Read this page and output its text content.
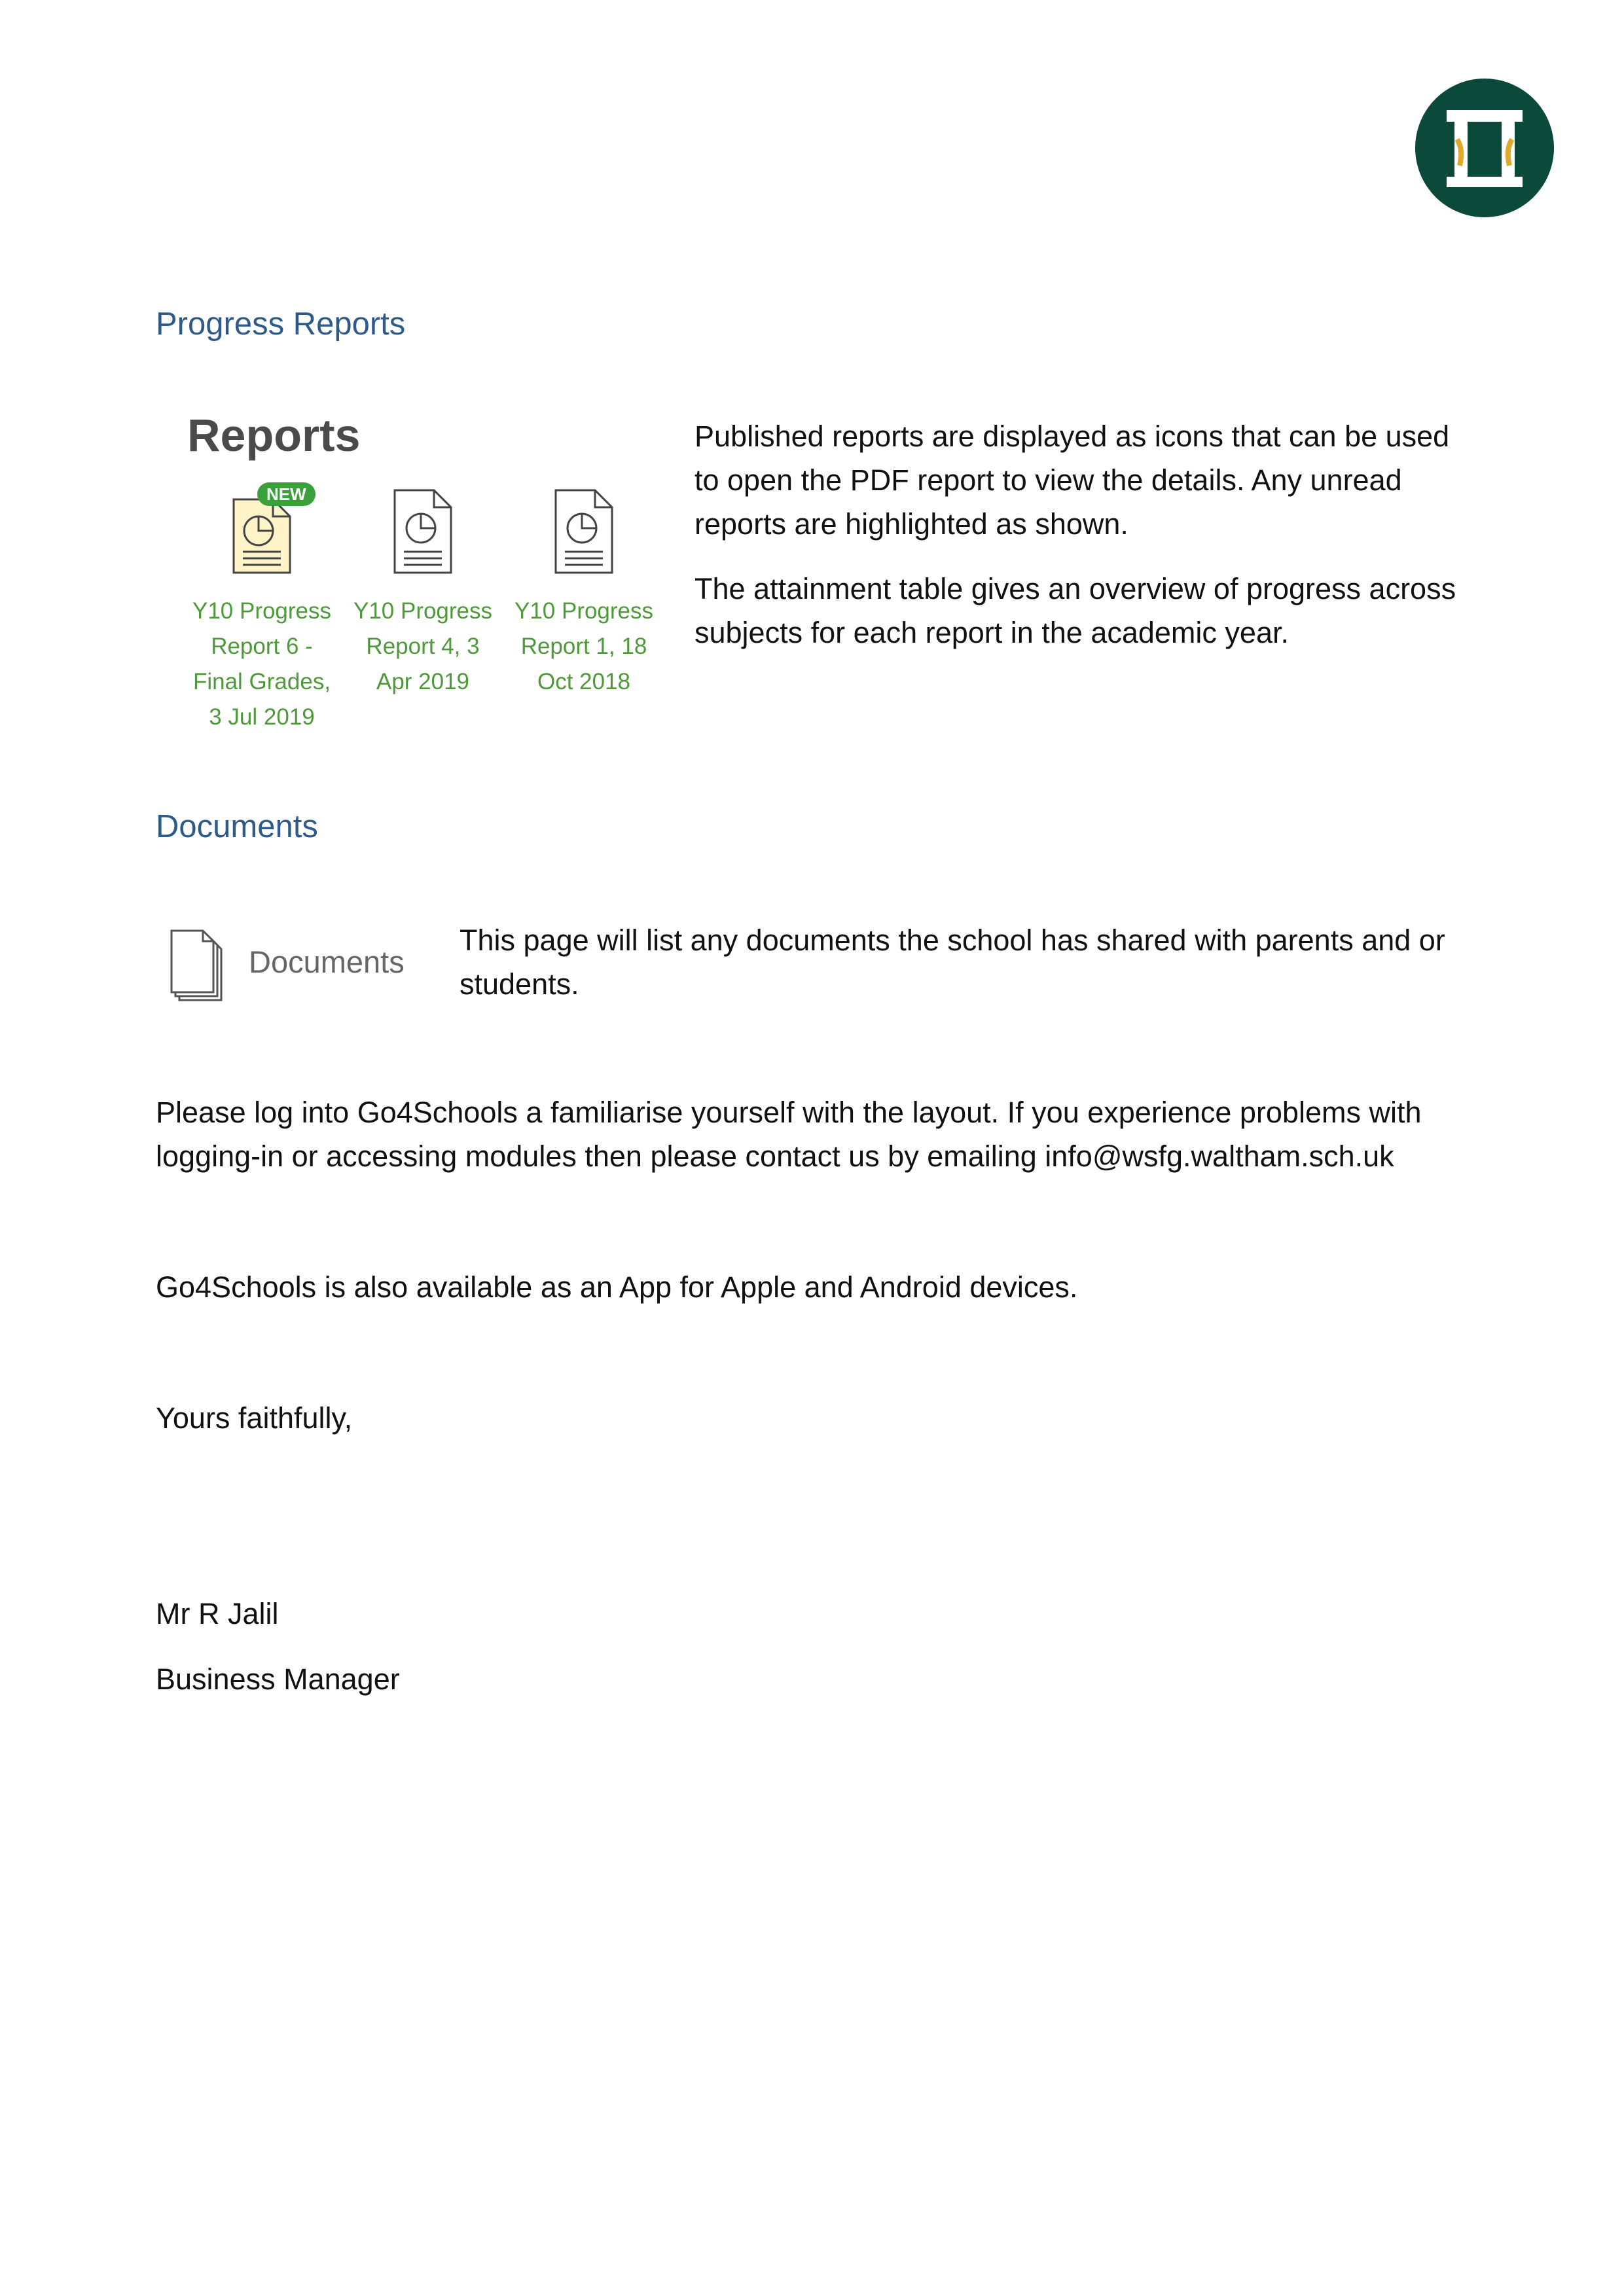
Progress Reports
Reports
NEW
Y10 Progress
Report 6 -
Final Grades,
3 Jul 2019
Y10 Progress
Report 4, 3
Apr 2019
Y10 Progress
Report 1, 18
Oct 2018
Published reports are displayed as icons that can be used
to open the PDF report to view the details. Any unread
reports are highlighted as shown.
The attainment table gives an overview of progress across
subjects for each report in the academic year.
Documents
Documents
This page will list any documents the school has shared with parents and or
students.
Please log into Go4Schools a familiarise yourself with the layout. If you experience problems with
logging-in or accessing modules then please contact us by emailing info@wsfg.waltham.sch.uk
Go4Schools is also available as an App for Apple and Android devices.
Yours faithfully,
Mr R Jalil
Business Manager
